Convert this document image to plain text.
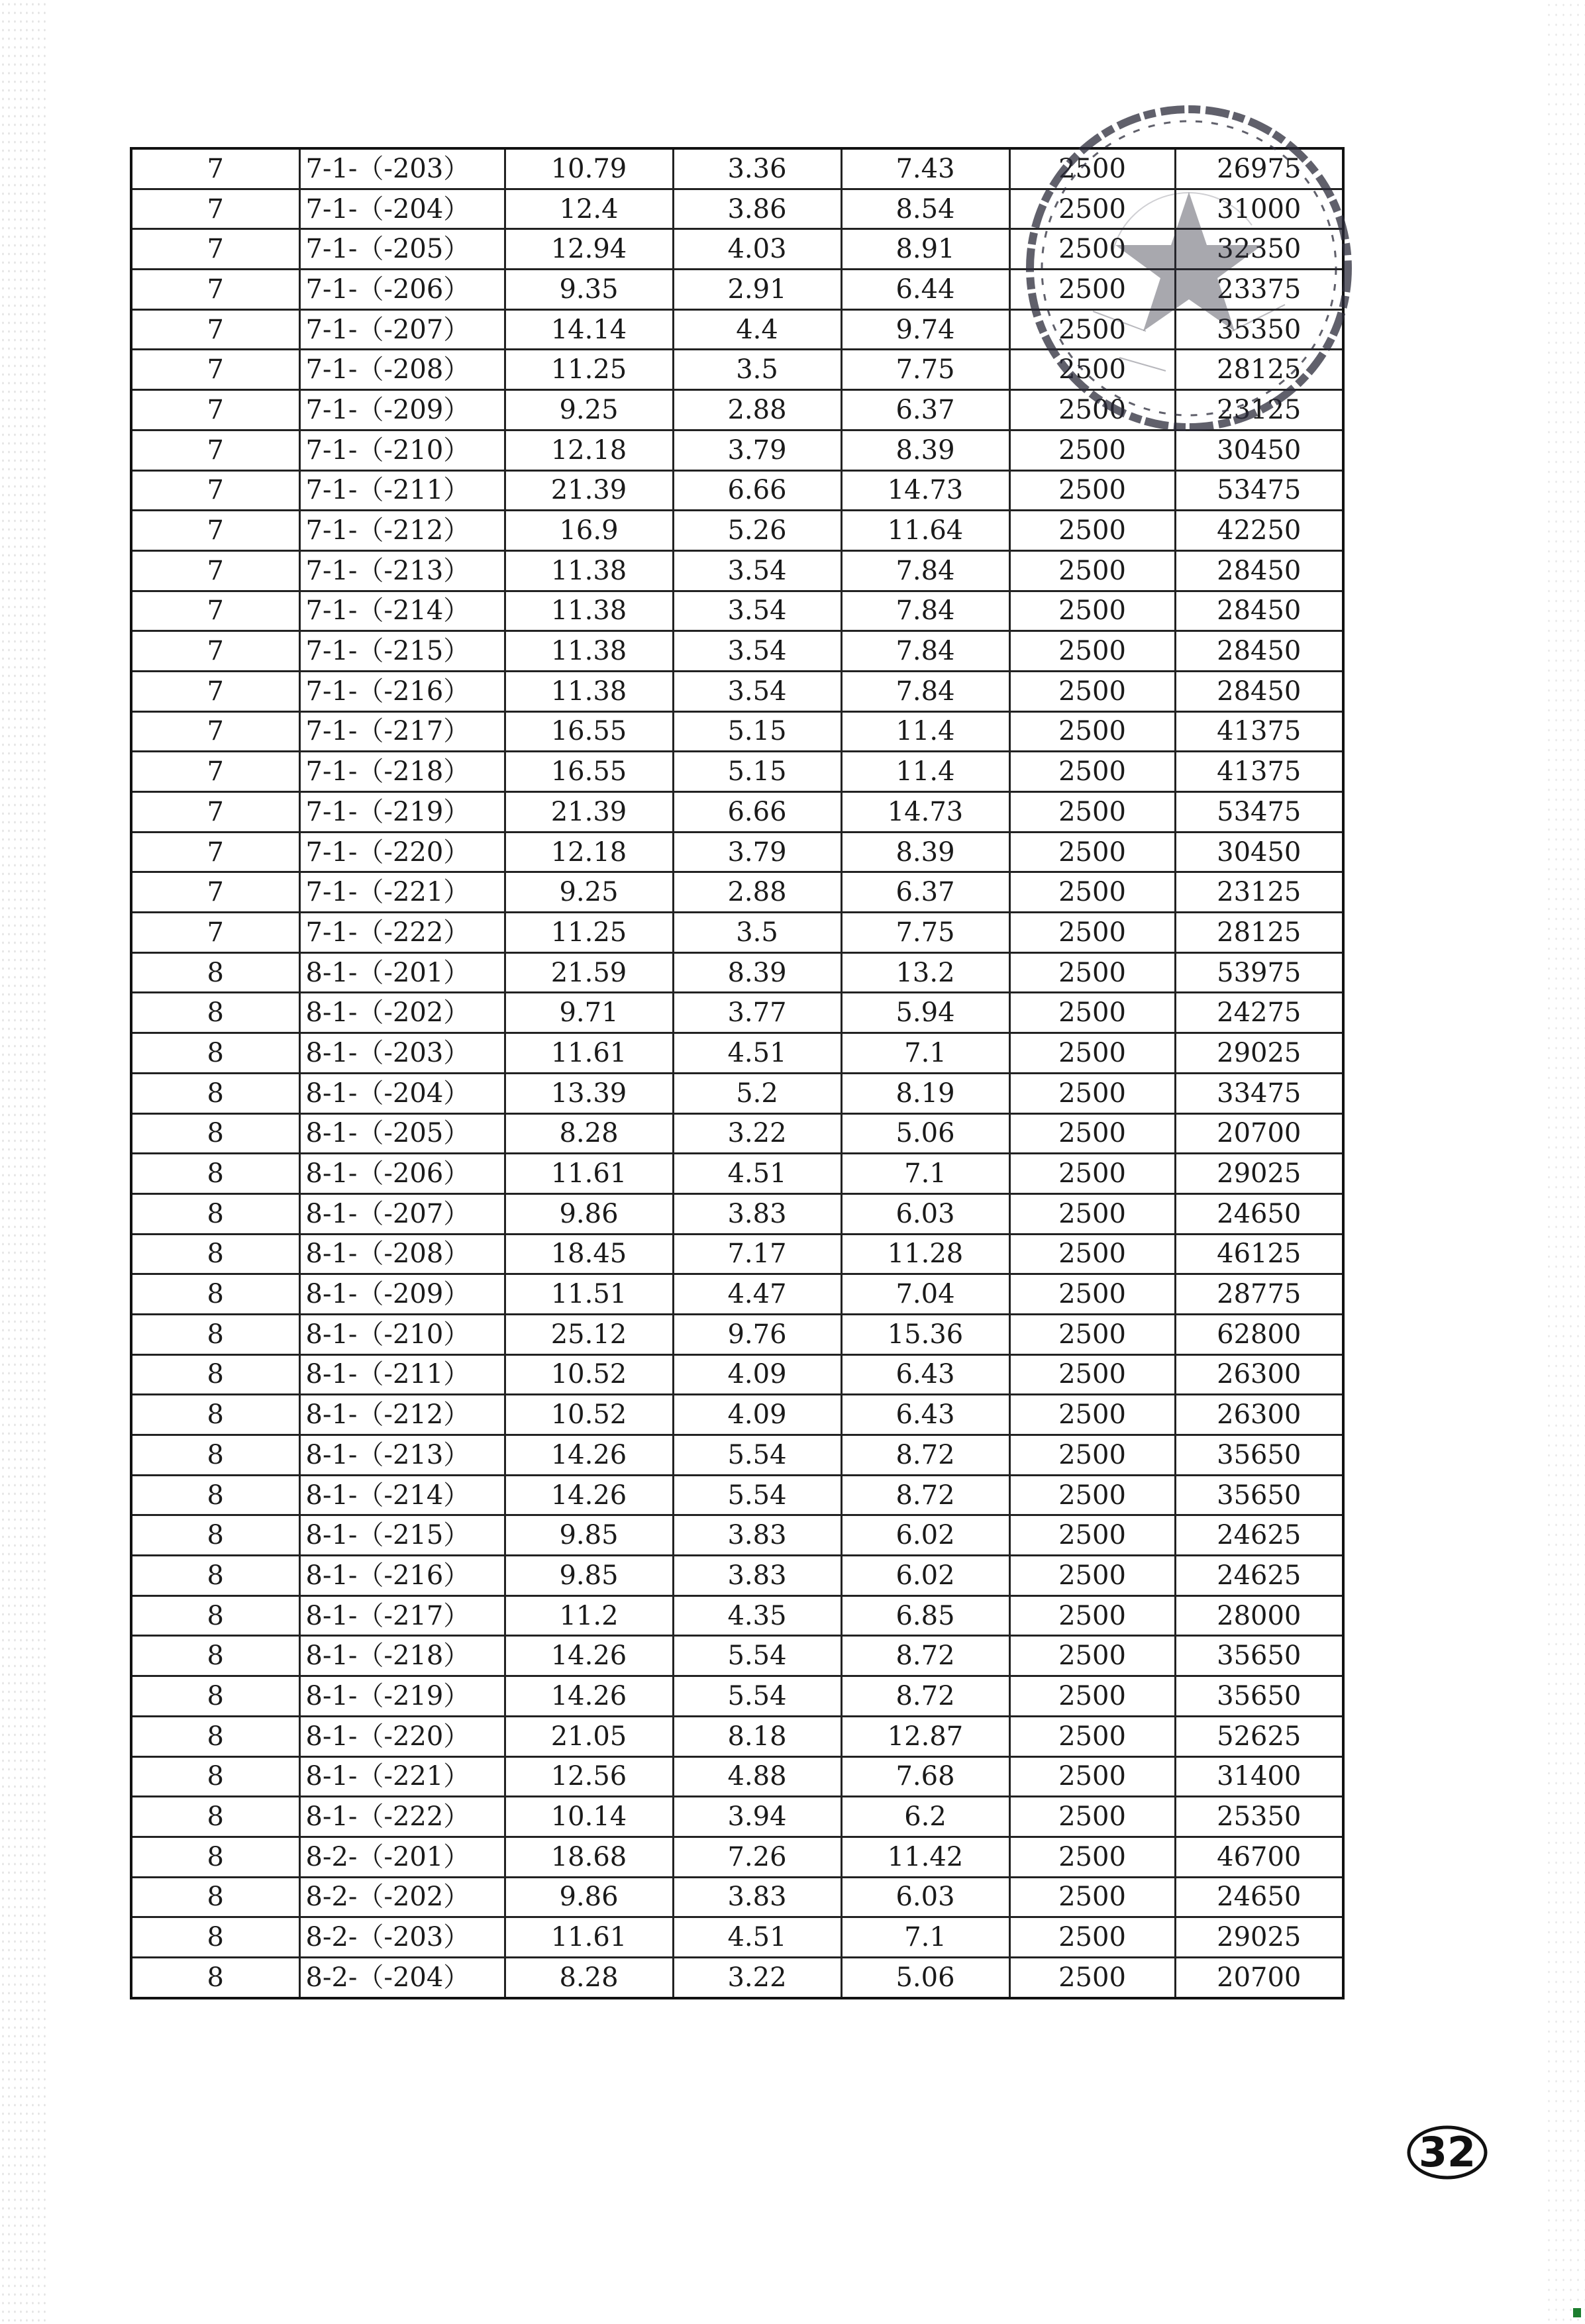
7	7-1-（-203）	10.79	3.36	7.43	2500	26975
7	7-1-（-204）	12.4	3.86	8.54	2500	31000
7	7-1-（-205）	12.94	4.03	8.91	2500	32350
7	7-1-（-206）	9.35	2.91	6.44	2500	23375
7	7-1-（-207）	14.14	4.4	9.74	2500	35350
7	7-1-（-208）	11.25	3.5	7.75	2500	28125
7	7-1-（-209）	9.25	2.88	6.37	2500	23125
7	7-1-（-210）	12.18	3.79	8.39	2500	30450
7	7-1-（-211）	21.39	6.66	14.73	2500	53475
7	7-1-（-212）	16.9	5.26	11.64	2500	42250
7	7-1-（-213）	11.38	3.54	7.84	2500	28450
7	7-1-（-214）	11.38	3.54	7.84	2500	28450
7	7-1-（-215）	11.38	3.54	7.84	2500	28450
7	7-1-（-216）	11.38	3.54	7.84	2500	28450
7	7-1-（-217）	16.55	5.15	11.4	2500	41375
7	7-1-（-218）	16.55	5.15	11.4	2500	41375
7	7-1-（-219）	21.39	6.66	14.73	2500	53475
7	7-1-（-220）	12.18	3.79	8.39	2500	30450
7	7-1-（-221）	9.25	2.88	6.37	2500	23125
7	7-1-（-222）	11.25	3.5	7.75	2500	28125
8	8-1-（-201）	21.59	8.39	13.2	2500	53975
8	8-1-（-202）	9.71	3.77	5.94	2500	24275
8	8-1-（-203）	11.61	4.51	7.1	2500	29025
8	8-1-（-204）	13.39	5.2	8.19	2500	33475
8	8-1-（-205）	8.28	3.22	5.06	2500	20700
8	8-1-（-206）	11.61	4.51	7.1	2500	29025
8	8-1-（-207）	9.86	3.83	6.03	2500	24650
8	8-1-（-208）	18.45	7.17	11.28	2500	46125
8	8-1-（-209）	11.51	4.47	7.04	2500	28775
8	8-1-（-210）	25.12	9.76	15.36	2500	62800
8	8-1-（-211）	10.52	4.09	6.43	2500	26300
8	8-1-（-212）	10.52	4.09	6.43	2500	26300
8	8-1-（-213）	14.26	5.54	8.72	2500	35650
8	8-1-（-214）	14.26	5.54	8.72	2500	35650
8	8-1-（-215）	9.85	3.83	6.02	2500	24625
8	8-1-（-216）	9.85	3.83	6.02	2500	24625
8	8-1-（-217）	11.2	4.35	6.85	2500	28000
8	8-1-（-218）	14.26	5.54	8.72	2500	35650
8	8-1-（-219）	14.26	5.54	8.72	2500	35650
8	8-1-（-220）	21.05	8.18	12.87	2500	52625
8	8-1-（-221）	12.56	4.88	7.68	2500	31400
8	8-1-（-222）	10.14	3.94	6.2	2500	25350
8	8-2-（-201）	18.68	7.26	11.42	2500	46700
8	8-2-（-202）	9.86	3.83	6.03	2500	24650
8	8-2-（-203）	11.61	4.51	7.1	2500	29025
8	8-2-（-204）	8.28	3.22	5.06	2500	20700
32
